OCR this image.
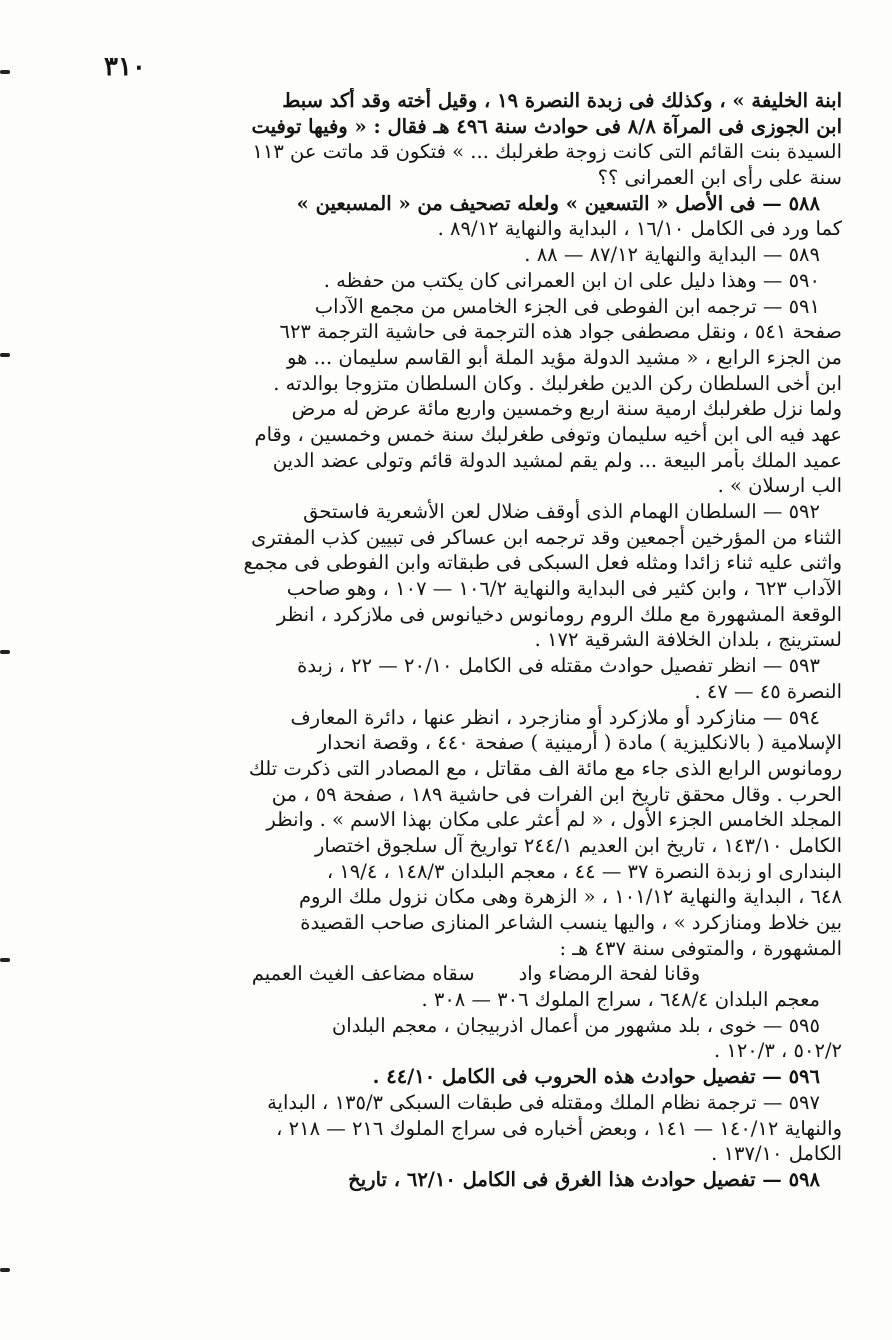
٣١٠
ابنة الخليفة » ، وكذلك فى زبدة النصرة ١٩ ، وقيل أخته وقد أكد سبط
ابن الجوزى فى المرآة ٨/٨ فى حوادث سنة ٤٩٦ هـ فقال : « وفيها توفيت
السيدة بنت القائم التى كانت زوجة طغرلبك ... » فتكون قد ماتت عن ١١٣
سنة على رأى ابن العمرانى ؟؟
٥٨٨ — فى الأصل « التسعين » ولعله تصحيف من « المسبعين »
كما ورد فى الكامل ١٦/١٠ ، البداية والنهاية ٨٩/١٢ .
٥٨٩ — البداية والنهاية ٨٧/١٢ — ٨٨ .
٥٩٠ — وهذا دليل على ان ابن العمرانى كان يكتب من حفظه .
٥٩١ — ترجمه ابن الفوطى فى الجزء الخامس من مجمع الآداب
صفحة ٥٤١ ، ونقل مصطفى جواد هذه الترجمة فى حاشية الترجمة ٦٢٣
من الجزء الرابع ، « مشيد الدولة مؤيد الملة أبو القاسم سليمان ... هو
ابن أخى السلطان ركن الدين طغرلبك . وكان السلطان متزوجا بوالدته .
ولما نزل طغرلبك ارمية سنة اربع وخمسين واربع مائة عرض له مرض
عهد فيه الى ابن أخيه سليمان وتوفى طغرلبك سنة خمس وخمسين ، وقام
عميد الملك بأمر البيعة ... ولم يقم لمشيد الدولة قائم وتولى عضد الدين
الب ارسلان » .
٥٩٢ — السلطان الهمام الذى أوقف ضلال لعن الأشعرية فاستحق
الثناء من المؤرخين أجمعين وقد ترجمه ابن عساكر فى تبيين كذب المفترى
واثنى عليه ثناء زائدا ومثله فعل السبكى فى طبقاته وابن الفوطى فى مجمع
الآداب ٦٢٣ ، وابن كثير فى البداية والنهاية ١٠٦/٢ — ١٠٧ ، وهو صاحب
الوقعة المشهورة مع ملك الروم رومانوس دخيانوس فى ملازكرد ، انظر
لسترينج ، بلدان الخلافة الشرقية ١٧٢ .
٥٩٣ — انظر تفصيل حوادث مقتله فى الكامل ٢٠/١٠ — ٢٢ ، زبدة
النصرة ٤٥ — ٤٧ .
٥٩٤ — منازكرد أو ملازكرد أو منازجرد ، انظر عنها ، دائرة المعارف
الإسلامية ( بالانكليزية ) مادة ( أرمينية ) صفحة ٤٤٠ ، وقصة انحدار
رومانوس الرابع الذى جاء مع مائة الف مقاتل ، مع المصادر التى ذكرت تلك
الحرب . وقال محقق تاريخ ابن الفرات فى حاشية ١٨٩ ، صفحة ٥٩ ، من
المجلد الخامس الجزء الأول ، « لم أعثر على مكان بهذا الاسم » . وانظر
الكامل ١٤٣/١٠ ، تاريخ ابن العديم ٢٤٤/١ تواريخ آل سلجوق اختصار
البندارى او زبدة النصرة ٣٧ — ٤٤ ، معجم البلدان ١٤٨/٣ ، ١٩/٤ ،
٦٤٨ ، البداية والنهاية ١٠١/١٢ ، « الزهرة وهى مكان نزول ملك الروم
بين خلاط ومنازكرد » ، واليها ينسب الشاعر المنازى صاحب القصيدة
المشهورة ، والمتوفى سنة ٤٣٧ هـ :
وقانا لفحة الرمضاء واد
سقاه مضاعف الغيث العميم
معجم البلدان ٦٤٨/٤ ، سراج الملوك ٣٠٦ — ٣٠٨ .
٥٩٥ — خوى ، بلد مشهور من أعمال اذربيجان ، معجم البلدان
٥٠٢/٢ ، ١٢٠/٣ .
٥٩٦ — تفصيل حوادث هذه الحروب فى الكامل ٤٤/١٠ .
٥٩٧ — ترجمة نظام الملك ومقتله فى طبقات السبكى ١٣٥/٣ ، البداية
والنهاية ١٤٠/١٢ — ١٤١ ، وبعض أخباره فى سراج الملوك ٢١٦ — ٢١٨ ،
الكامل ١٣٧/١٠ .
٥٩٨ — تفصيل حوادث هذا الغرق فى الكامل ٦٢/١٠ ، تاريخ
